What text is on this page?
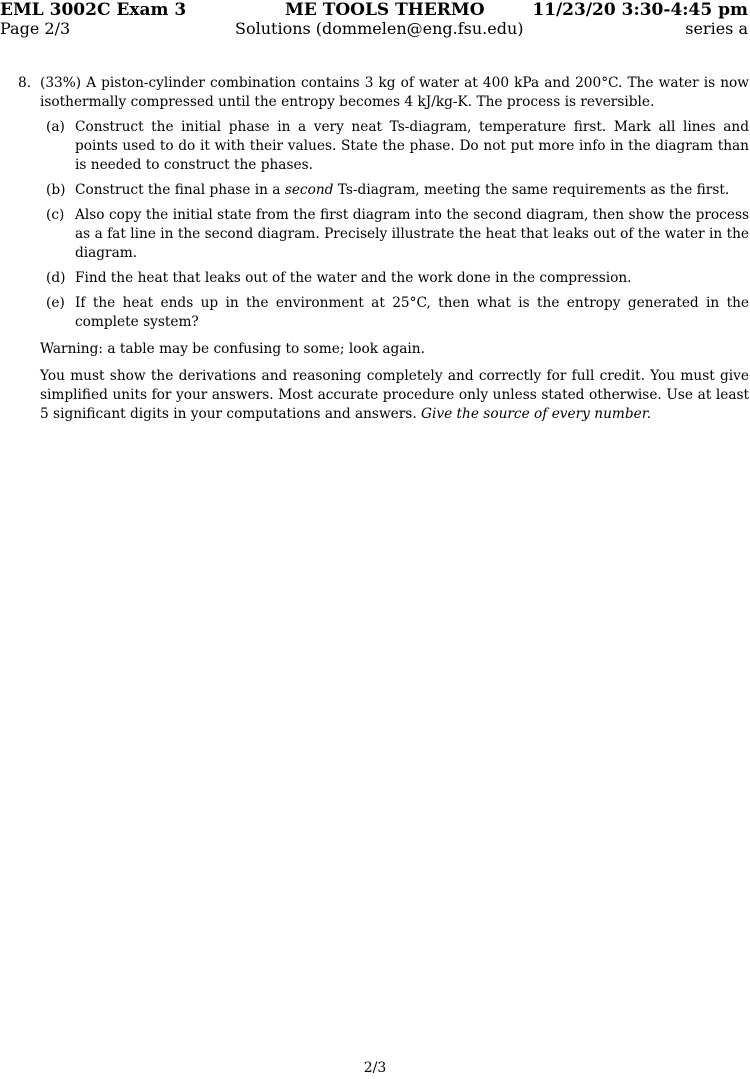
EML 3002C Exam 3	ME TOOLS THERMO	11/23/20 3:30-4:45 pm
Page 2/3	Solutions (dommelen@eng.fsu.edu)	series a
8. (33%) A piston-cylinder combination contains 3 kg of water at 400 kPa and 200°C. The water is now isothermally compressed until the entropy becomes 4 kJ/kg-K. The process is reversible.
(a) Construct the initial phase in a very neat Ts-diagram, temperature first. Mark all lines and points used to do it with their values. State the phase. Do not put more info in the diagram than is needed to construct the phases.
(b) Construct the final phase in a second Ts-diagram, meeting the same requirements as the first.
(c) Also copy the initial state from the first diagram into the second diagram, then show the process as a fat line in the second diagram. Precisely illustrate the heat that leaks out of the water in the diagram.
(d) Find the heat that leaks out of the water and the work done in the compression.
(e) If the heat ends up in the environment at 25°C, then what is the entropy generated in the complete system?

Warning: a table may be confusing to some; look again.

You must show the derivations and reasoning completely and correctly for full credit. You must give simplified units for your answers. Most accurate procedure only unless stated otherwise. Use at least 5 significant digits in your computations and answers. Give the source of every number.

2/3
